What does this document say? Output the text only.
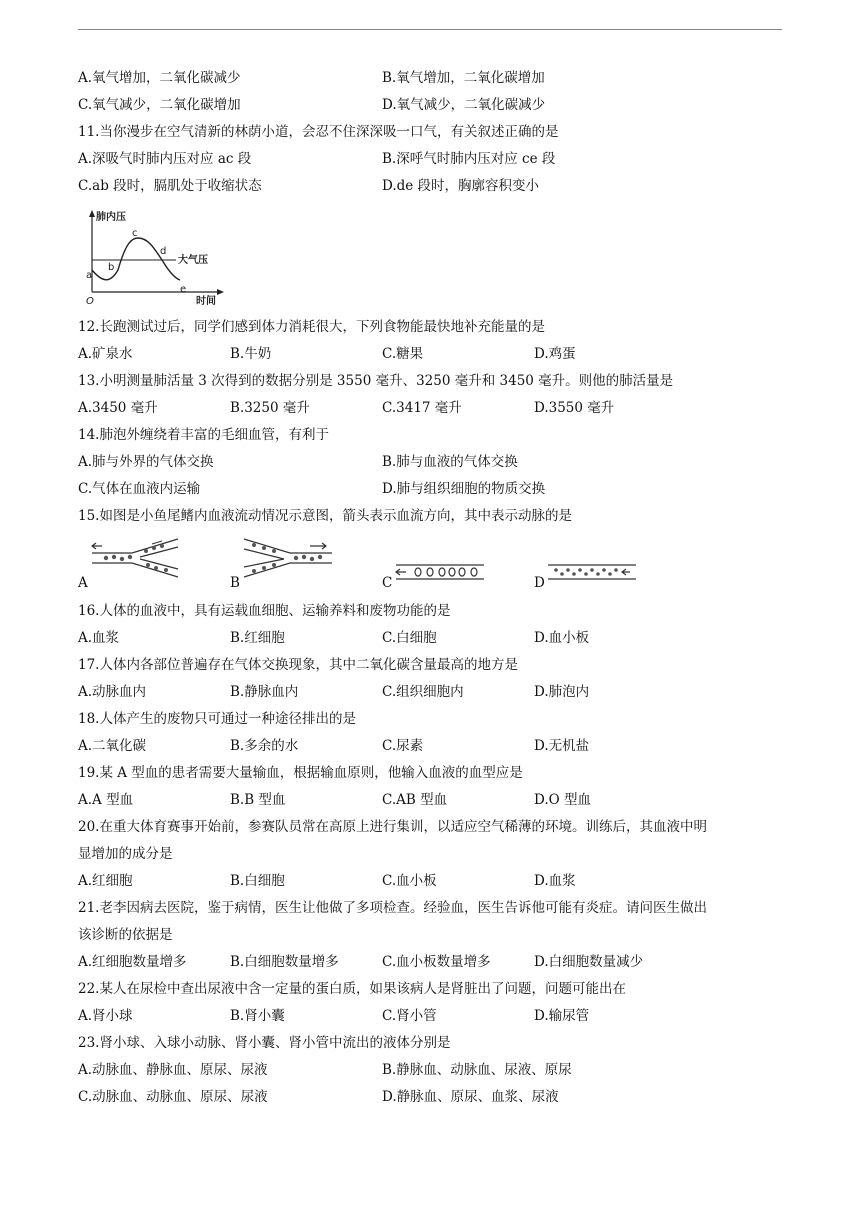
A.氧气增加，二氧化碳减少	B.氧气增加，二氧化碳增加
C.氧气减少，二氧化碳增加	D.氧气减少，二氧化碳减少
11.当你漫步在空气清新的林荫小道，会忍不住深深吸一口气，有关叙述正确的是
A.深吸气时肺内压对应 ac 段	B.深呼气时肺内压对应 ce 段
C.ab 段时，膈肌处于收缩状态	D.de 段时，胸廓容积变小
肺内压
时间
大气压
O
a
b
c
d
e
12.长跑测试过后，同学们感到体力消耗很大，下列食物能最快地补充能量的是
A.矿泉水	B.牛奶	C.糖果	D.鸡蛋
13.小明测量肺活量 3 次得到的数据分别是 3550 毫升、3250 毫升和 3450 毫升。则他的肺活量是
A.3450 毫升	B.3250 毫升	C.3417 毫升	D.3550 毫升
14.肺泡外缠绕着丰富的毛细血管，有利于
A.肺与外界的气体交换	B.肺与血液的气体交换
C.气体在血液内运输	D.肺与组织细胞的物质交换
15.如图是小鱼尾鳍内血液流动情况示意图，箭头表示血流方向，其中表示动脉的是
A	B	C	D
16.人体的血液中，具有运载血细胞、运输养料和废物功能的是
A.血浆	B.红细胞	C.白细胞	D.血小板
17.人体内各部位普遍存在气体交换现象，其中二氧化碳含量最高的地方是
A.动脉血内	B.静脉血内	C.组织细胞内	D.肺泡内
18.人体产生的废物只可通过一种途径排出的是
A.二氧化碳	B.多余的水	C.尿素	D.无机盐
19.某 A 型血的患者需要大量输血，根据输血原则，他输入血液的血型应是
A.A 型血	B.B 型血	C.AB 型血	D.O 型血
20.在重大体育赛事开始前，参赛队员常在高原上进行集训，以适应空气稀薄的环境。训练后，其血液中明
显增加的成分是
A.红细胞	B.白细胞	C.血小板	D.血浆
21.老李因病去医院，鉴于病情，医生让他做了多项检查。经验血，医生告诉他可能有炎症。请问医生做出
该诊断的依据是
A.红细胞数量增多	B.白细胞数量增多	C.血小板数量增多	D.白细胞数量减少
22.某人在尿检中查出尿液中含一定量的蛋白质，如果该病人是肾脏出了问题，问题可能出在
A.肾小球	B.肾小囊	C.肾小管	D.输尿管
23.肾小球、入球小动脉、肾小囊、肾小管中流出的液体分别是
A.动脉血、静脉血、原尿、尿液	B.静脉血、动脉血、尿液、原尿
C.动脉血、动脉血、原尿、尿液	D.静脉血、原尿、血浆、尿液
